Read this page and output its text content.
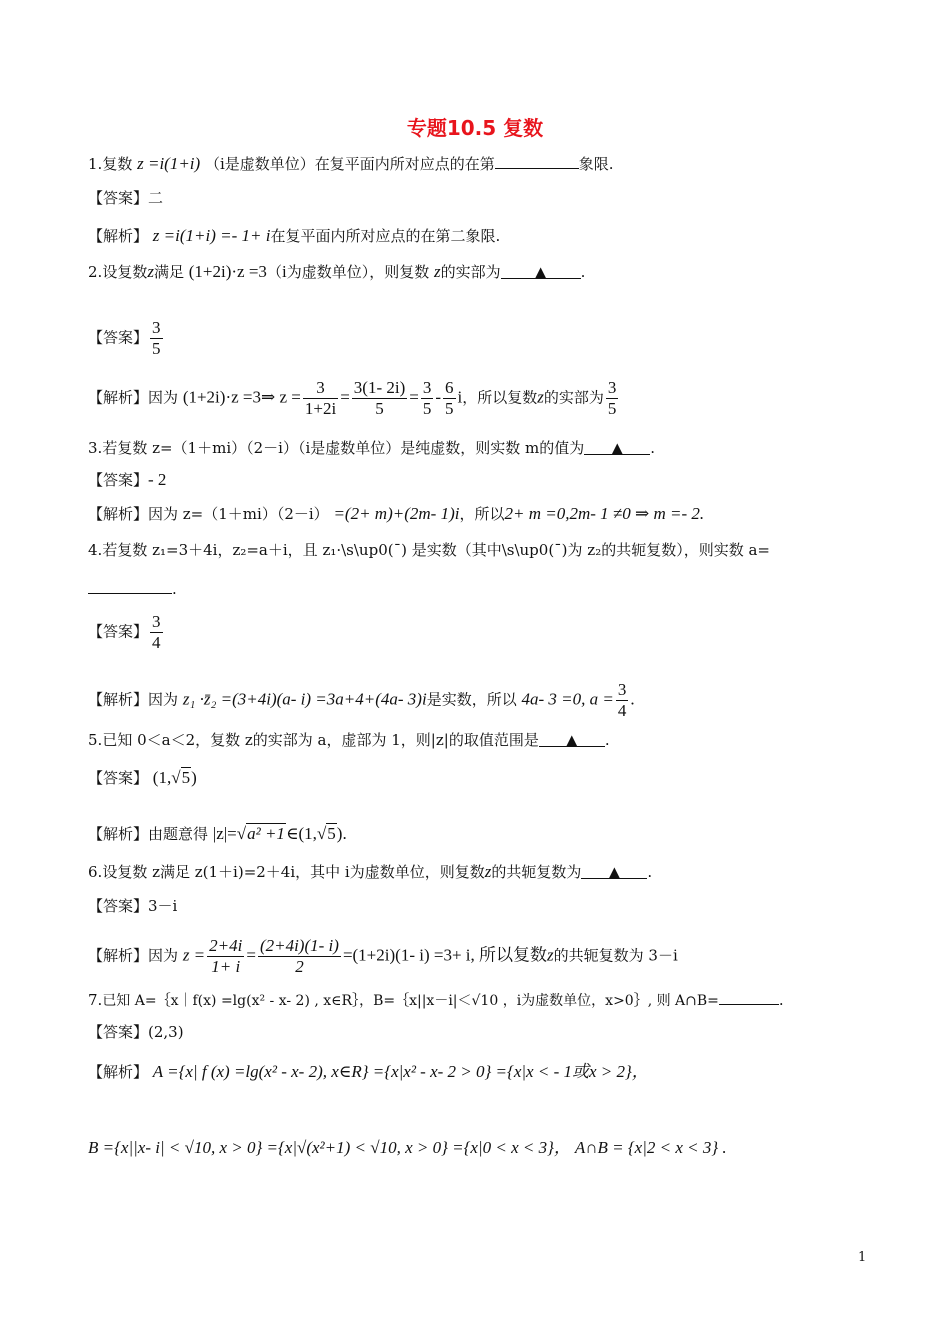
专题10.5 复数
1.复数 z =i(1+i) （i是虚数单位）在复平面内所对应点的在第	象限.
【答案】二
【解析】 z =i(1+i) =- 1+ i在复平面内所对应点的在第二象限.
2.设复数z满足 (1+2i)·z =3（i为虚数单位），则复数 z的实部为 ▲ .
【答案】 $\frac{3}{5}$
【解析】因为 (1+2i)·z =3⇒ $z = \frac{3}{1+2i} = \frac{3(1- 2i)}{5} = \frac{3}{5} - \frac{6}{5}$ i，所以复数z的实部为 $\frac{3}{5}$
3.若复数 z=（1＋mi）（2－i）（i是虚数单位）是纯虚数，则实数 m的值为 ▲ .
【答案】- 2
【解析】因为 z=（1＋mi）（2－i） =(2+ m)+(2m- 1)i，所以2+ m =0,2m- 1 ≠0 ⇒ m =- 2.
4.若复数 z₁=3＋4i，z₂=a＋i，且 z₁·\s\up0(¯) 是实数（其中\s\up0(¯)为 z₂的共轭复数），则实数 a=
.
【答案】 $\frac{3}{4}$
【解析】因为 z₁ ·z̄₂ =(3+4i)(a- i) =3a+4+(4a- 3)i是实数，所以 4a- 3 =0, $a = \frac{3}{4}$ .
5.已知 0＜a＜2，复数 z的实部为 a，虚部为 1，则|z|的取值范围是 ▲ .
【答案】 (1,√5)
【解析】由题意得 |z|=√a² +1∈(1,√5).
6.设复数 z满足 z(1＋i)=2＋4i，其中 i为虚数单位，则复数z的共轭复数为 ▲ .
【答案】3－i
【解析】因为 $z = \frac{2+4i}{1+ i} = \frac{(2+4i)(1- i)}{2} =(1+2i)(1-$ i) =3+ i, 所以复数z的共轭复数为 3－i
7.已知 A=｛x｜f(x) =lg(x² - x- 2) , x∈R｝，B=｛x||x－i|＜√10 ，i为虚数单位，x>0｝, 则 A∩B=	.
【答案】(2,3)
【解析】 A ={x| f (x) =lg(x² - x- 2), x∈R} ={x|x² - x- 2 > 0} ={x|x < - 1或x > 2}，
B ={x||x- i| < √10, x > 0} ={x|√(x²+1) < √10, x > 0} ={x|0 < x < 3}， A∩B = {x|2 < x < 3} .
1
